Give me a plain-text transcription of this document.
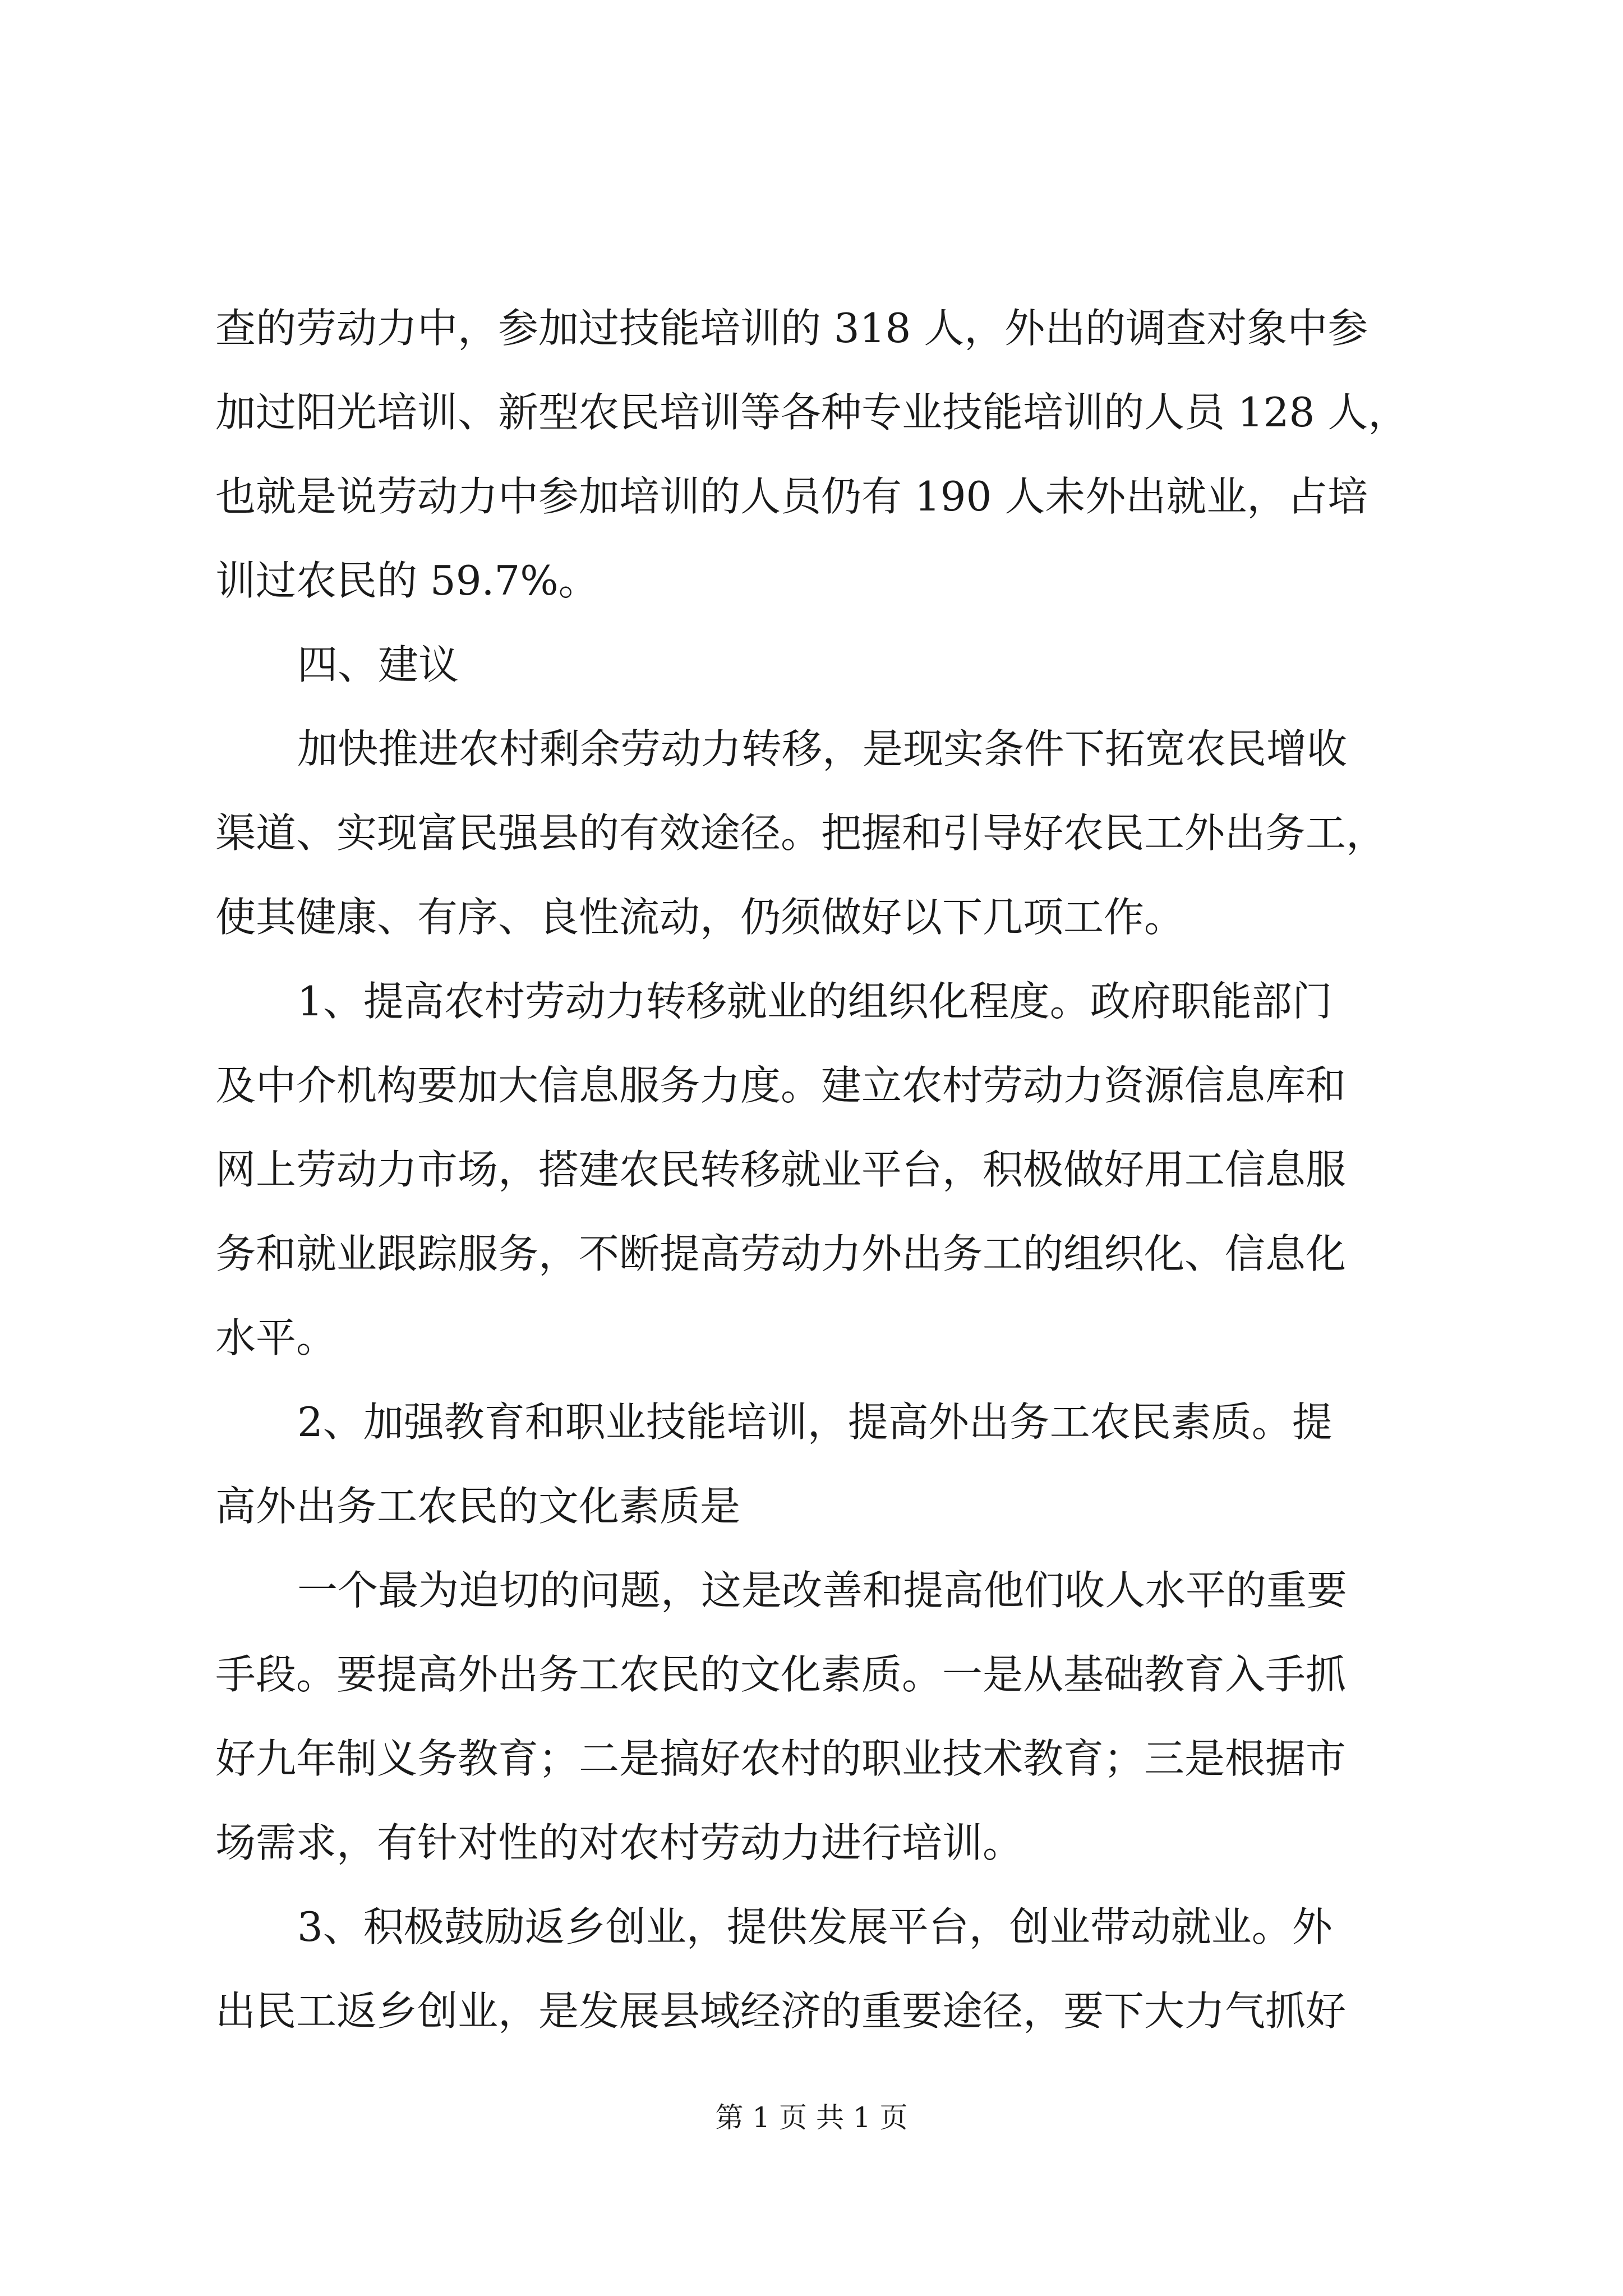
查的劳动力中，参加过技能培训的 318 人，外出的调查对象中参
加过阳光培训、新型农民培训等各种专业技能培训的人员 128 人，
也就是说劳动力中参加培训的人员仍有 190 人未外出就业，占培
训过农民的 59.7%。
四、建议
加快推进农村剩余劳动力转移，是现实条件下拓宽农民增收
渠道、实现富民强县的有效途径。把握和引导好农民工外出务工，
使其健康、有序、良性流动，仍须做好以下几项工作。
1、提高农村劳动力转移就业的组织化程度。政府职能部门
及中介机构要加大信息服务力度。建立农村劳动力资源信息库和
网上劳动力市场，搭建农民转移就业平台，积极做好用工信息服
务和就业跟踪服务，不断提高劳动力外出务工的组织化、信息化
水平。
2、加强教育和职业技能培训，提高外出务工农民素质。提
高外出务工农民的文化素质是
一个最为迫切的问题，这是改善和提高他们收人水平的重要
手段。要提高外出务工农民的文化素质。一是从基础教育入手抓
好九年制义务教育；二是搞好农村的职业技术教育；三是根据市
场需求，有针对性的对农村劳动力进行培训。
3、积极鼓励返乡创业，提供发展平台，创业带动就业。外
出民工返乡创业，是发展县域经济的重要途径，要下大力气抓好
第 1 页 共 1 页
